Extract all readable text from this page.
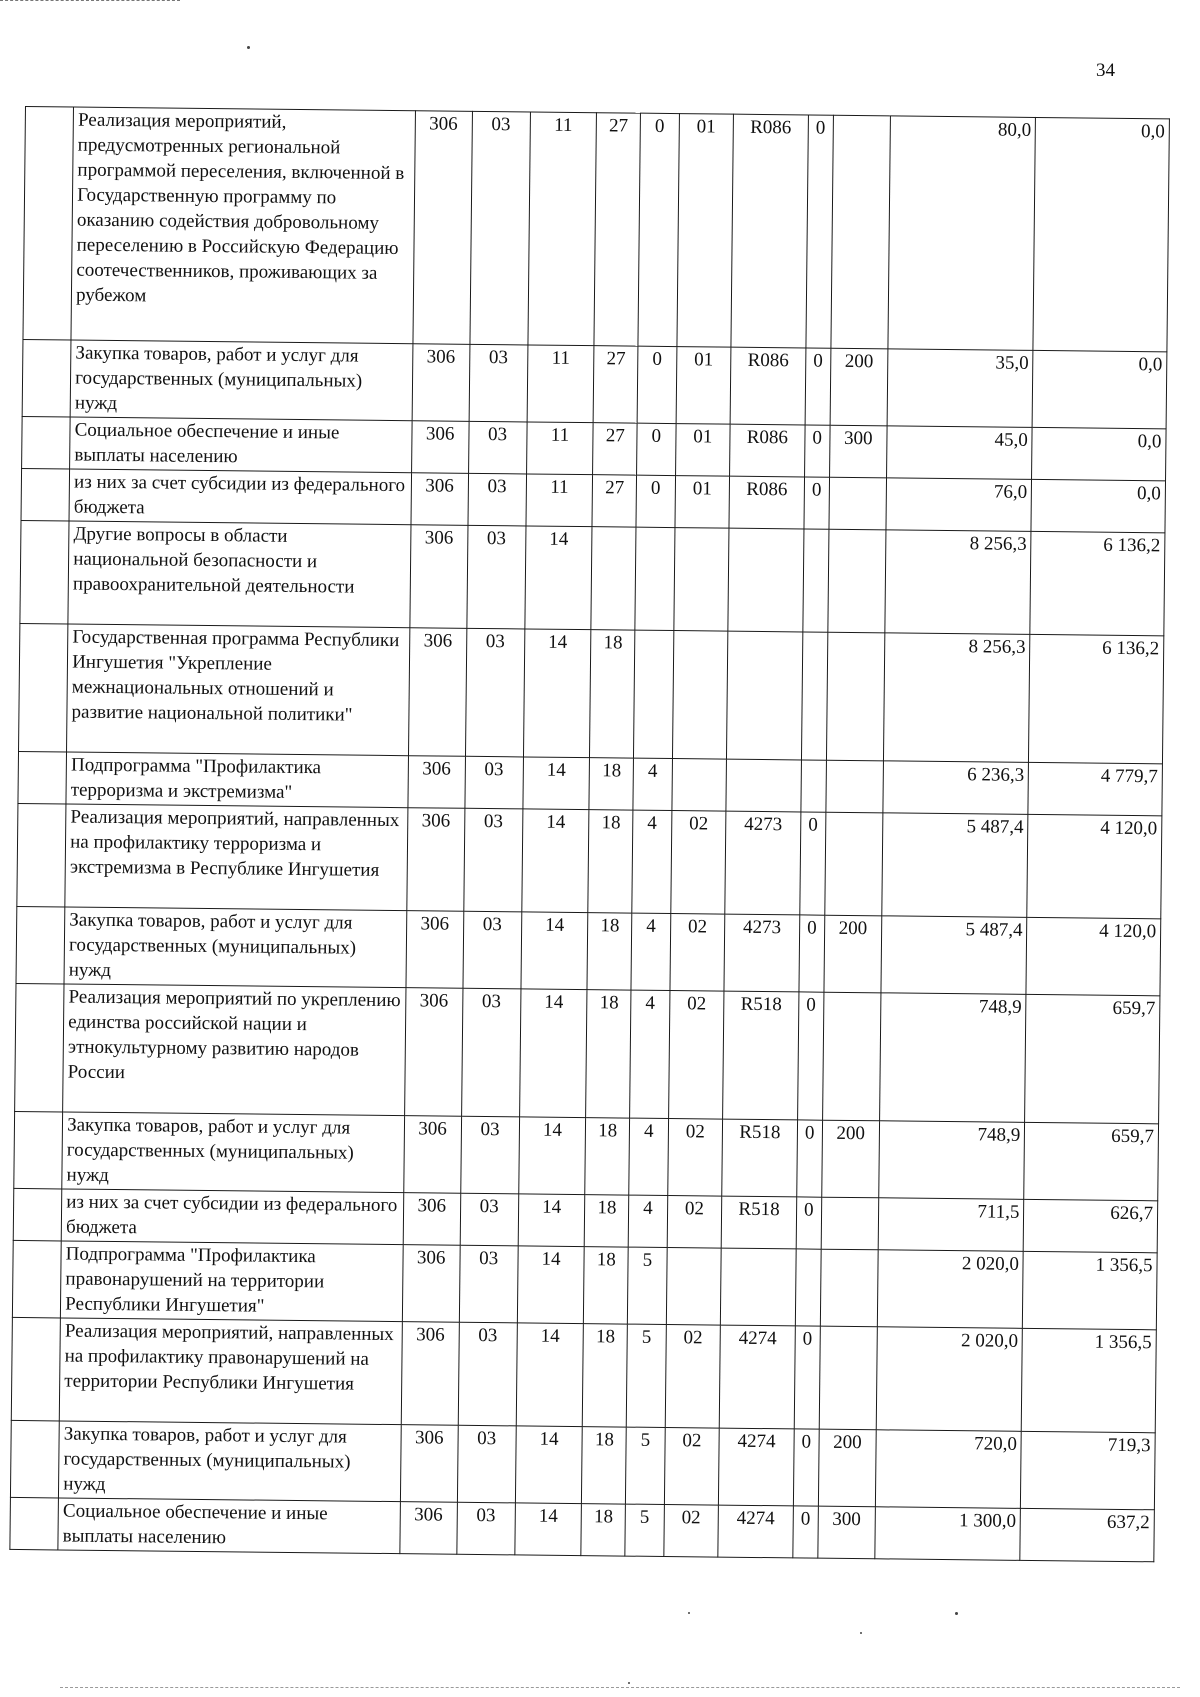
34
	Реализация мероприятий, предусмотренных региональной программой переселения, включенной в Государственную программу по оказанию содействия добровольному переселению в Российскую Федерацию соотечественников, проживающих за рубежом	306	03	11	27	0	01	R086	0		80,0	0,0
	Закупка товаров, работ и услуг для государственных (муниципальных) нужд	306	03	11	27	0	01	R086	0	200	35,0	0,0
	Социальное обеспечение и иные выплаты населению	306	03	11	27	0	01	R086	0	300	45,0	0,0
	из них за счет субсидии из федерального бюджета	306	03	11	27	0	01	R086	0		76,0	0,0
	Другие вопросы в области национальной безопасности и правоохранительной деятельности	306	03	14							8 256,3	6 136,2
	Государственная программа Республики Ингушетия "Укрепление межнациональных отношений и развитие национальной политики"	306	03	14	18						8 256,3	6 136,2
	Подпрограмма "Профилактика терроризма и экстремизма"	306	03	14	18	4					6 236,3	4 779,7
	Реализация мероприятий, направленных на профилактику терроризма и экстремизма в Республике Ингушетия	306	03	14	18	4	02	4273	0		5 487,4	4 120,0
	Закупка товаров, работ и услуг для государственных (муниципальных) нужд	306	03	14	18	4	02	4273	0	200	5 487,4	4 120,0
	Реализация мероприятий по укреплению единства российской нации и этнокультурному развитию народов России	306	03	14	18	4	02	R518	0		748,9	659,7
	Закупка товаров, работ и услуг для государственных (муниципальных) нужд	306	03	14	18	4	02	R518	0	200	748,9	659,7
	из них за счет субсидии из федерального бюджета	306	03	14	18	4	02	R518	0		711,5	626,7
	Подпрограмма "Профилактика правонарушений на территории Республики Ингушетия"	306	03	14	18	5					2 020,0	1 356,5
	Реализация мероприятий, направленных на профилактику правонарушений на территории Республики Ингушетия	306	03	14	18	5	02	4274	0		2 020,0	1 356,5
	Закупка товаров, работ и услуг для государственных (муниципальных) нужд	306	03	14	18	5	02	4274	0	200	720,0	719,3
	Социальное обеспечение и иные выплаты населению	306	03	14	18	5	02	4274	0	300	1 300,0	637,2
